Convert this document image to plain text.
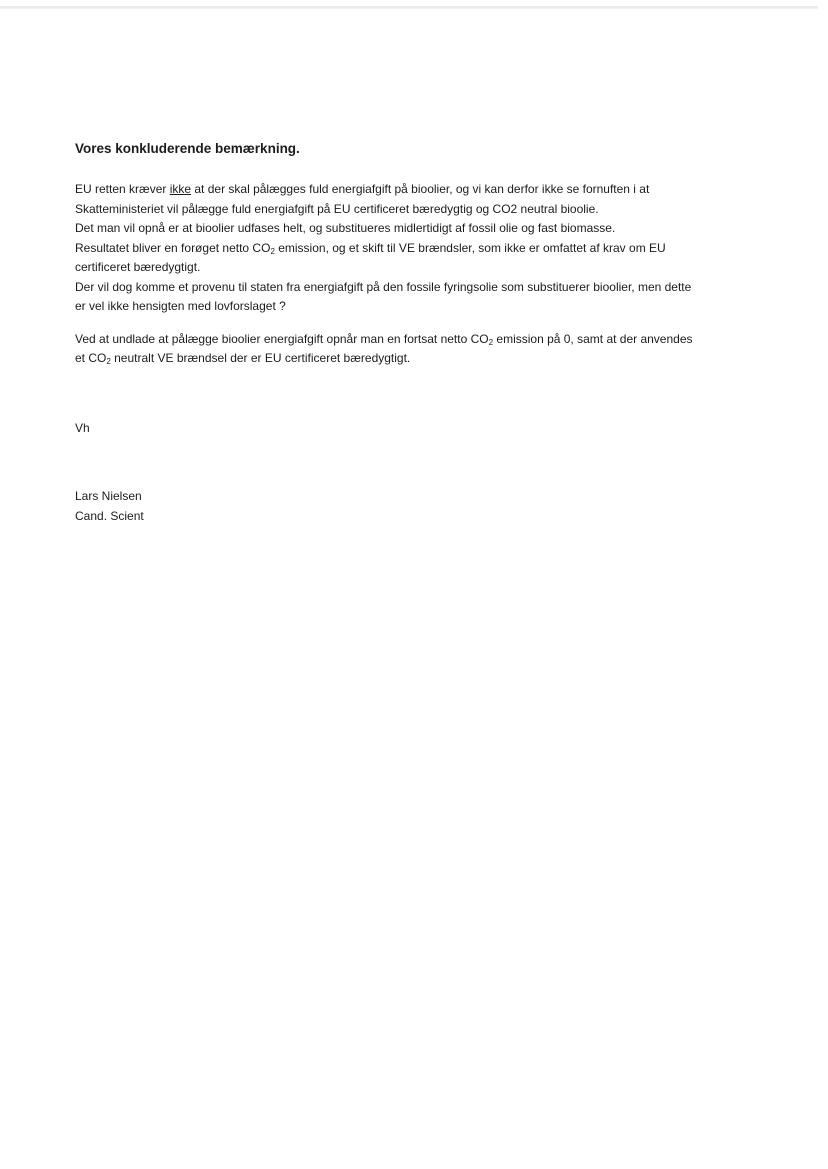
Vores konkluderende bemærkning.

EU retten kræver ikke at der skal pålægges fuld energiafgift på bioolier, og vi kan derfor ikke se fornuften i at
Skatteministeriet vil pålægge fuld energiafgift på EU certificeret bæredygtig og CO2 neutral bioolie.
Det man vil opnå er at bioolier udfases helt, og substitueres midlertidigt af fossil olie og fast biomasse.
Resultatet bliver en forøget netto $CO_2$ emission, og et skift til VE brændsler, som ikke er omfattet af krav om EU
certificeret bæredygtigt.
Der vil dog komme et provenu til staten fra energiafgift på den fossile fyringsolie som substituerer bioolier, men dette
er vel ikke hensigten med lovforslaget ?

Ved at undlade at pålægge bioolier energiafgift opnår man en fortsat netto $CO_2$ emission på 0, samt at der anvendes
et $CO_2$ neutralt VE brændsel der er EU certificeret bæredygtigt.

Vh
Lars Nielsen
Cand. Scient
